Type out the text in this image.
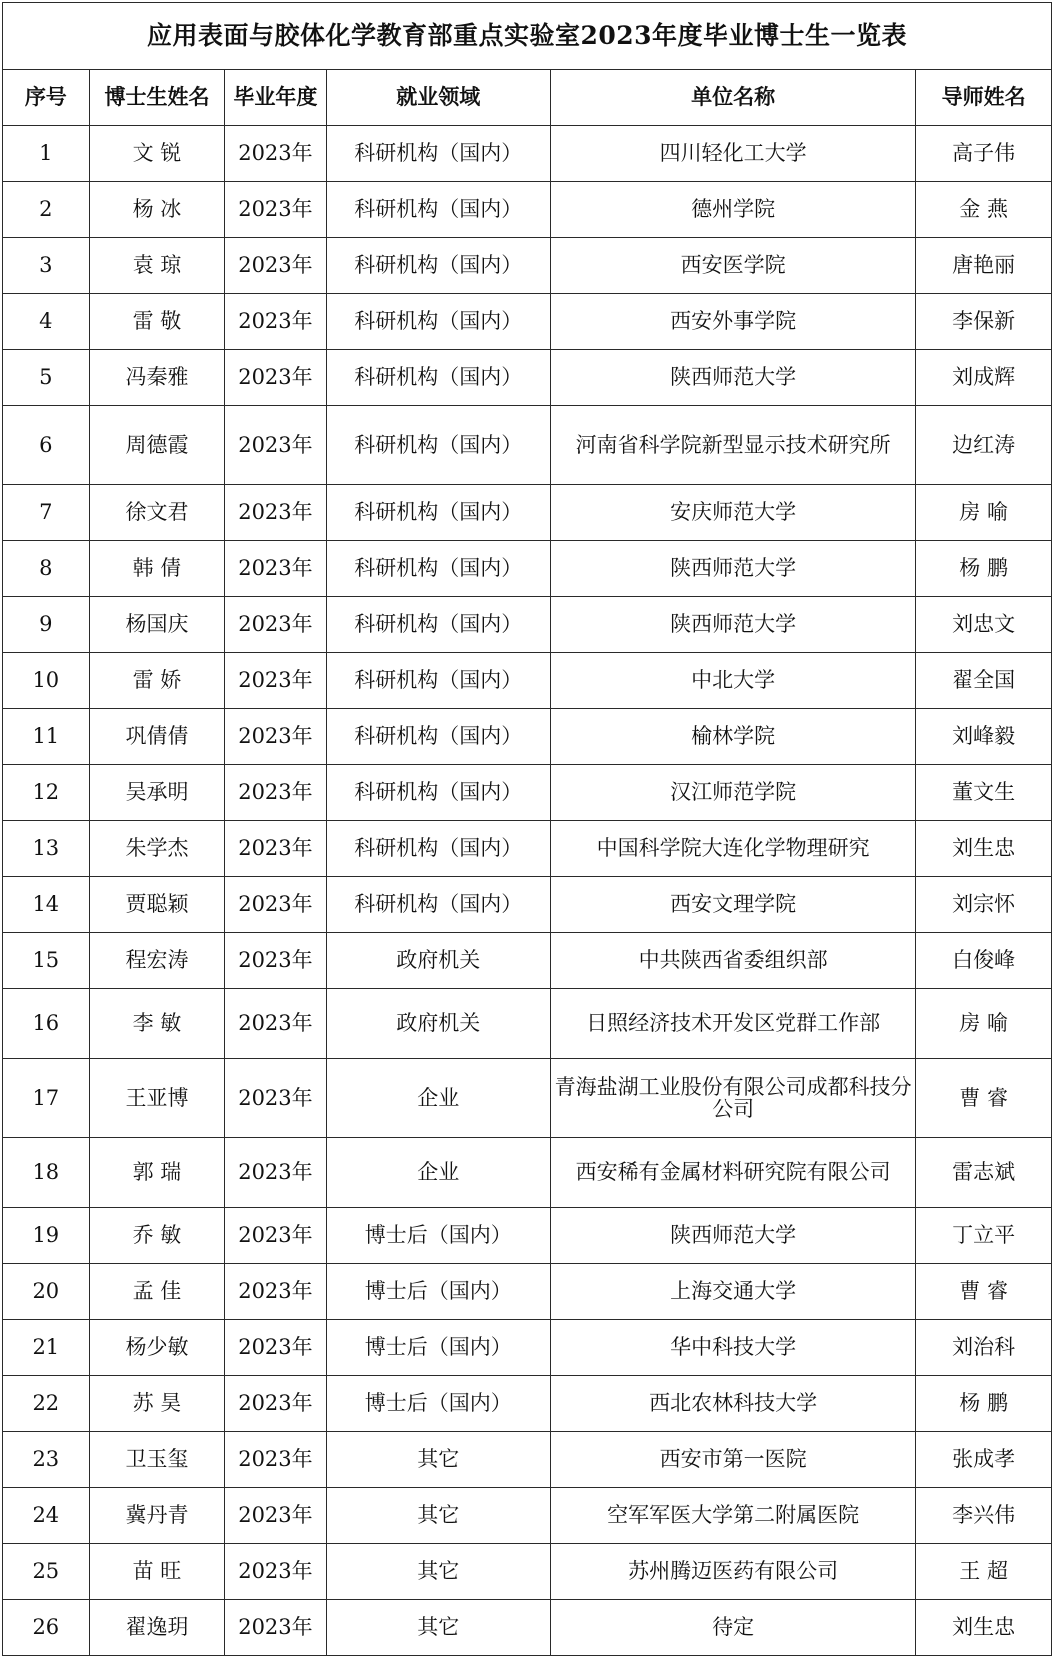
应用表面与胶体化学教育部重点实验室2023年度毕业博士生一览表					
序号	博士生姓名	毕业年度	就业领域	单位名称	导师姓名
1	文 锐	2023年	科研机构（国内）	四川轻化工大学	高子伟
2	杨 冰	2023年	科研机构（国内）	德州学院	金 燕
3	袁 琼	2023年	科研机构（国内）	西安医学院	唐艳丽
4	雷 敬	2023年	科研机构（国内）	西安外事学院	李保新
5	冯秦雅	2023年	科研机构（国内）	陕西师范大学	刘成辉
6	周德霞	2023年	科研机构（国内）	河南省科学院新型显示技术研究所	边红涛
7	徐文君	2023年	科研机构（国内）	安庆师范大学	房 喻
8	韩 倩	2023年	科研机构（国内）	陕西师范大学	杨 鹏
9	杨国庆	2023年	科研机构（国内）	陕西师范大学	刘忠文
10	雷 娇	2023年	科研机构（国内）	中北大学	翟全国
11	巩倩倩	2023年	科研机构（国内）	榆林学院	刘峰毅
12	吴承明	2023年	科研机构（国内）	汉江师范学院	董文生
13	朱学杰	2023年	科研机构（国内）	中国科学院大连化学物理研究	刘生忠
14	贾聪颖	2023年	科研机构（国内）	西安文理学院	刘宗怀
15	程宏涛	2023年	政府机关	中共陕西省委组织部	白俊峰
16	李 敏	2023年	政府机关	日照经济技术开发区党群工作部	房 喻
17	王亚博	2023年	企业	青海盐湖工业股份有限公司成都科技分公司	曹 睿
18	郭 瑞	2023年	企业	西安稀有金属材料研究院有限公司	雷志斌
19	乔 敏	2023年	博士后（国内）	陕西师范大学	丁立平
20	孟 佳	2023年	博士后（国内）	上海交通大学	曹 睿
21	杨少敏	2023年	博士后（国内）	华中科技大学	刘治科
22	苏 昊	2023年	博士后（国内）	西北农林科技大学	杨 鹏
23	卫玉玺	2023年	其它	西安市第一医院	张成孝
24	冀丹青	2023年	其它	空军军医大学第二附属医院	李兴伟
25	苗 旺	2023年	其它	苏州腾迈医药有限公司	王 超
26	翟逸玥	2023年	其它	待定	刘生忠
